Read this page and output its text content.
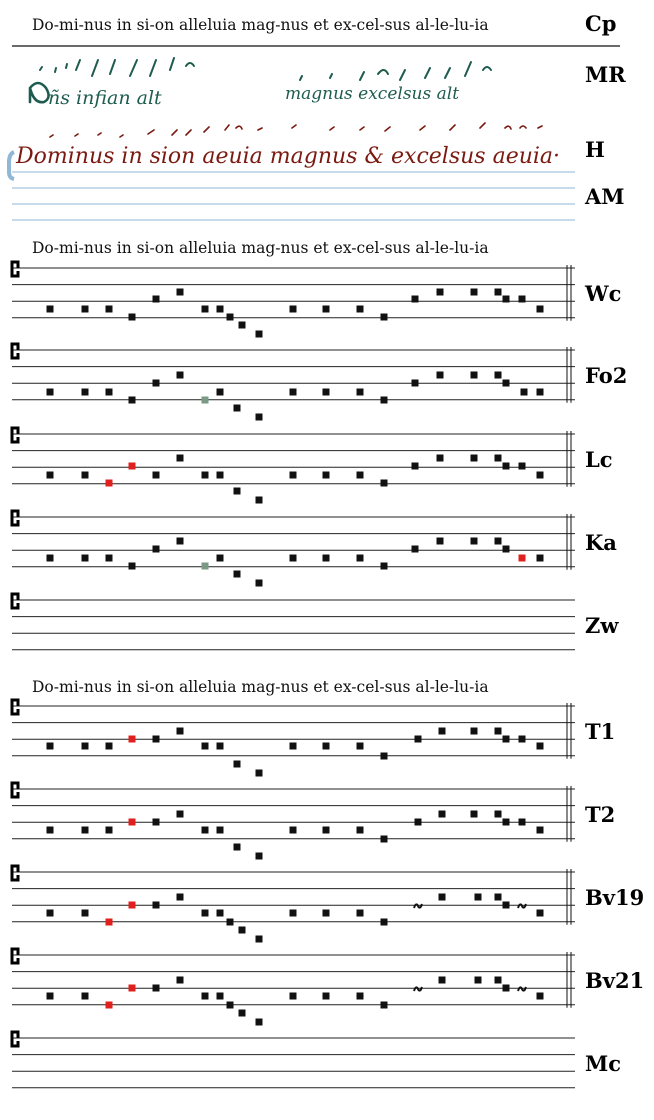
Do-mi-nus in si-on alleluia mag-nus et ex-cel-sus al-le-lu-ia	Cp
ñs infian alt	magnus excelsus alt
MR
Dominus in sion aeuia magnus & excelsus aeuia· H
AM
Do-mi-nus in si-on alleluia mag-nus et ex-cel-sus al-le-lu-ia
Do-mi-nus in si-on alleluia mag-nus et ex-cel-sus al-le-lu-ia
Wc
Fo2
Lc
Ka
Zw
T1
T2
Bv19
Bv21
Mc
